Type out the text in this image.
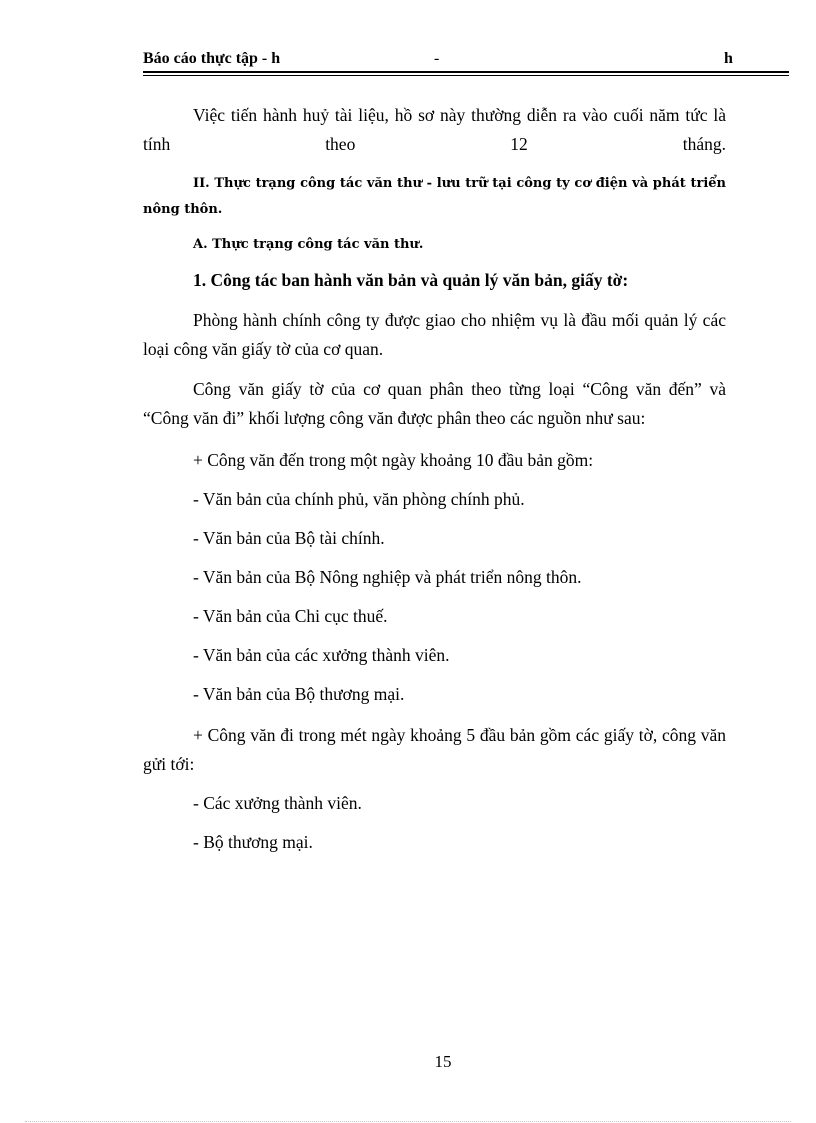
Báo cáo thực tập - h	-	h
Việc tiến hành huỷ tài liệu, hồ sơ này thường diễn ra vào cuối năm tức là tính theo 12 tháng.
II. Thực trạng công tác văn thư - lưu trữ tại công ty cơ điện và phát triển nông thôn.
A. Thực trạng công tác văn thư.
1. Công tác ban hành văn bản và quản lý văn bản, giấy tờ:
Phòng hành chính công ty được giao cho nhiệm vụ là đầu mối quản lý các loại công văn giấy tờ của cơ quan.
Công văn giấy tờ của cơ quan phân theo từng loại “Công văn đến” và “Công văn đi” khối lượng công văn được phân theo các nguồn như sau:
+ Công văn đến trong một ngày khoảng 10 đầu bản gồm:
- Văn bản của chính phủ, văn phòng chính phủ.
- Văn bản của Bộ tài chính.
- Văn bản của Bộ Nông nghiệp và phát triển nông thôn.
- Văn bản của Chi cục thuế.
- Văn bản của các xưởng thành viên.
- Văn bản của Bộ thương mại.
+ Công văn đi trong mét ngày khoảng 5 đầu bản gồm các giấy tờ, công văn gửi tới:
- Các xưởng thành viên.
- Bộ thương mại.
15
